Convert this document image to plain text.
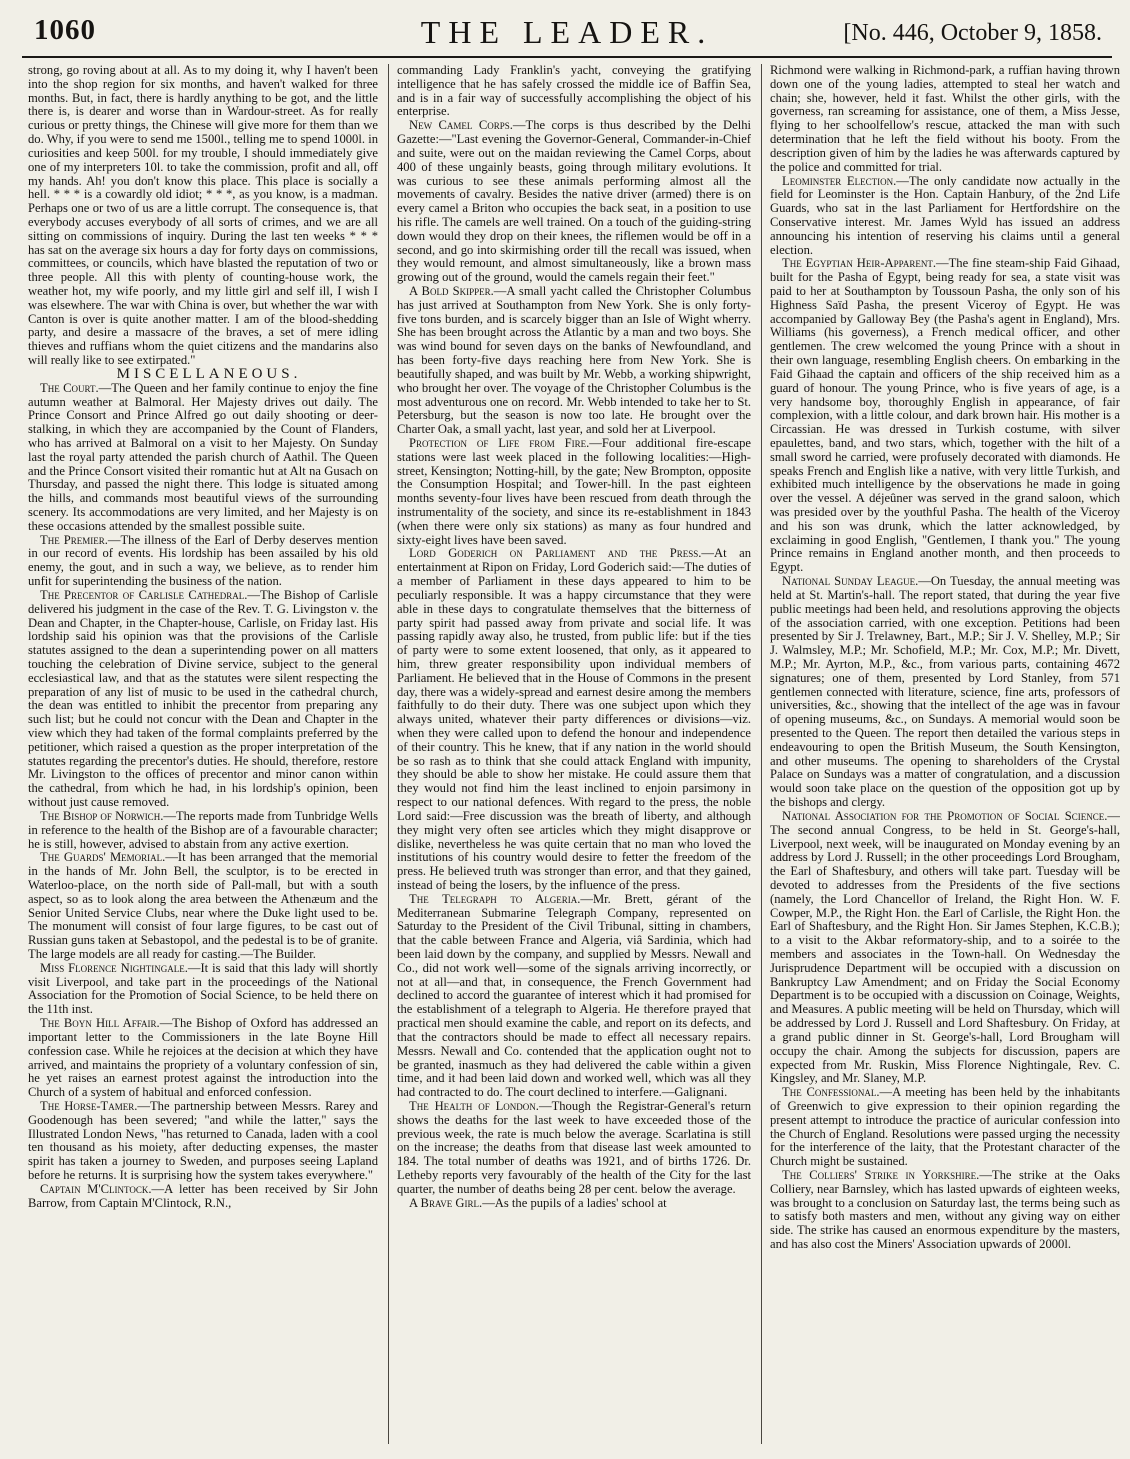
1060	THE LEADER.	[No. 446, October 9, 1858.

strong, go roving about at all. As to my doing it, why I haven't been into the shop region for six months, and haven't walked for three months. But, in fact, there is hardly anything to be got, and the little there is, is dearer and worse than in Wardour-street. As for really curious or pretty things, the Chinese will give more for them than we do. Why, if you were to send me 1500l., telling me to spend 1000l. in curiosities and keep 500l. for my trouble, I should immediately give one of my interpreters 10l. to take the commission, profit and all, off my hands. Ah! you don't know this place. This place is socially a hell. * * * is a cowardly old idiot; * * *, as you know, is a madman. Perhaps one or two of us are a little corrupt. The consequence is, that everybody accuses everybody of all sorts of crimes, and we are all sitting on commissions of inquiry. During the last ten weeks * * * has sat on the average six hours a day for forty days on commissions, committees, or councils, which have blasted the reputation of two or three people. All this with plenty of counting-house work, the weather hot, my wife poorly, and my little girl and self ill, I wish I was elsewhere. The war with China is over, but whether the war with Canton is over is quite another matter. I am of the blood-shedding party, and desire a massacre of the braves, a set of mere idling thieves and ruffians whom the quiet citizens and the mandarins also will really like to see extirpated."

MISCELLANEOUS.

The Court.—The Queen and her family continue to enjoy the fine autumn weather at Balmoral. Her Majesty drives out daily. The Prince Consort and Prince Alfred go out daily shooting or deer-stalking, in which they are accompanied by the Count of Flanders, who has arrived at Balmoral on a visit to her Majesty. On Sunday last the royal party attended the parish church of Aathil. The Queen and the Prince Consort visited their romantic hut at Alt na Gusach on Thursday, and passed the night there. This lodge is situated among the hills, and commands most beautiful views of the surrounding scenery. Its accommodations are very limited, and her Majesty is on these occasions attended by the smallest possible suite.

The Premier.—The illness of the Earl of Derby deserves mention in our record of events. His lordship has been assailed by his old enemy, the gout, and in such a way, we believe, as to render him unfit for superintending the business of the nation.

The Precentor of Carlisle Cathedral.—The Bishop of Carlisle delivered his judgment in the case of the Rev. T. G. Livingston v. the Dean and Chapter, in the Chapter-house, Carlisle, on Friday last. His lordship said his opinion was that the provisions of the Carlisle statutes assigned to the dean a superintending power on all matters touching the celebration of Divine service, subject to the general ecclesiastical law, and that as the statutes were silent respecting the preparation of any list of music to be used in the cathedral church, the dean was entitled to inhibit the precentor from preparing any such list; but he could not concur with the Dean and Chapter in the view which they had taken of the formal complaints preferred by the petitioner, which raised a question as the proper interpretation of the statutes regarding the precentor's duties. He should, therefore, restore Mr. Livingston to the offices of precentor and minor canon within the cathedral, from which he had, in his lordship's opinion, been without just cause removed.

The Bishop of Norwich.—The reports made from Tunbridge Wells in reference to the health of the Bishop are of a favourable character; he is still, however, advised to abstain from any active exertion.

The Guards' Memorial.—It has been arranged that the memorial in the hands of Mr. John Bell, the sculptor, is to be erected in Waterloo-place, on the north side of Pall-mall, but with a south aspect, so as to look along the area between the Athenæum and the Senior United Service Clubs, near where the Duke light used to be. The monument will consist of four large figures, to be cast out of Russian guns taken at Sebastopol, and the pedestal is to be of granite. The large models are all ready for casting.—The Builder.

Miss Florence Nightingale.—It is said that this lady will shortly visit Liverpool, and take part in the proceedings of the National Association for the Promotion of Social Science, to be held there on the 11th inst.

The Boyn Hill Affair.—The Bishop of Oxford has addressed an important letter to the Commissioners in the late Boyne Hill confession case. While he rejoices at the decision at which they have arrived, and maintains the propriety of a voluntary confession of sin, he yet raises an earnest protest against the introduction into the Church of a system of habitual and enforced confession.

The Horse-Tamer.—The partnership between Messrs. Rarey and Goodenough has been severed; "and while the latter," says the Illustrated London News, "has returned to Canada, laden with a cool ten thousand as his moiety, after deducting expenses, the master spirit has taken a journey to Sweden, and purposes seeing Lapland before he returns. It is surprising how the system takes everywhere."

Captain M'Clintock.—A letter has been received by Sir John Barrow, from Captain M'Clintock, R.N.,

commanding Lady Franklin's yacht, conveying the gratifying intelligence that he has safely crossed the middle ice of Baffin Sea, and is in a fair way of successfully accomplishing the object of his enterprise.

New Camel Corps.—The corps is thus described by the Delhi Gazette:—"Last evening the Governor-General, Commander-in-Chief and suite, were out on the maidan reviewing the Camel Corps, about 400 of these ungainly beasts, going through military evolutions. It was curious to see these animals performing almost all the movements of cavalry. Besides the native driver (armed) there is on every camel a Briton who occupies the back seat, in a position to use his rifle. The camels are well trained. On a touch of the guiding-string down would they drop on their knees, the riflemen would be off in a second, and go into skirmishing order till the recall was issued, when they would remount, and almost simultaneously, like a brown mass growing out of the ground, would the camels regain their feet."

A Bold Skipper.—A small yacht called the Christopher Columbus has just arrived at Southampton from New York. She is only forty-five tons burden, and is scarcely bigger than an Isle of Wight wherry. She has been brought across the Atlantic by a man and two boys. She was wind bound for seven days on the banks of Newfoundland, and has been forty-five days reaching here from New York. She is beautifully shaped, and was built by Mr. Webb, a working shipwright, who brought her over. The voyage of the Christopher Columbus is the most adventurous one on record. Mr. Webb intended to take her to St. Petersburg, but the season is now too late. He brought over the Charter Oak, a small yacht, last year, and sold her at Liverpool.

Protection of Life from Fire.—Four additional fire-escape stations were last week placed in the following localities:—High-street, Kensington; Notting-hill, by the gate; New Brompton, opposite the Consumption Hospital; and Tower-hill. In the past eighteen months seventy-four lives have been rescued from death through the instrumentality of the society, and since its re-establishment in 1843 (when there were only six stations) as many as four hundred and sixty-eight lives have been saved.

Lord Goderich on Parliament and the Press.—At an entertainment at Ripon on Friday, Lord Goderich said:—The duties of a member of Parliament in these days appeared to him to be peculiarly responsible. It was a happy circumstance that they were able in these days to congratulate themselves that the bitterness of party spirit had passed away from private and social life. It was passing rapidly away also, he trusted, from public life: but if the ties of party were to some extent loosened, that only, as it appeared to him, threw greater responsibility upon individual members of Parliament. He believed that in the House of Commons in the present day, there was a widely-spread and earnest desire among the members faithfully to do their duty. There was one subject upon which they always united, whatever their party differences or divisions—viz. when they were called upon to defend the honour and independence of their country. This he knew, that if any nation in the world should be so rash as to think that she could attack England with impunity, they should be able to show her mistake. He could assure them that they would not find him the least inclined to enjoin parsimony in respect to our national defences. With regard to the press, the noble Lord said:—Free discussion was the breath of liberty, and although they might very often see articles which they might disapprove or dislike, nevertheless he was quite certain that no man who loved the institutions of his country would desire to fetter the freedom of the press. He believed truth was stronger than error, and that they gained, instead of being the losers, by the influence of the press.

The Telegraph to Algeria.—Mr. Brett, gérant of the Mediterranean Submarine Telegraph Company, represented on Saturday to the President of the Civil Tribunal, sitting in chambers, that the cable between France and Algeria, viâ Sardinia, which had been laid down by the company, and supplied by Messrs. Newall and Co., did not work well—some of the signals arriving incorrectly, or not at all—and that, in consequence, the French Government had declined to accord the guarantee of interest which it had promised for the establishment of a telegraph to Algeria. He therefore prayed that practical men should examine the cable, and report on its defects, and that the contractors should be made to effect all necessary repairs. Messrs. Newall and Co. contended that the application ought not to be granted, inasmuch as they had delivered the cable within a given time, and it had been laid down and worked well, which was all they had contracted to do. The court declined to interfere.—Galignani.

The Health of London.—Though the Registrar-General's return shows the deaths for the last week to have exceeded those of the previous week, the rate is much below the average. Scarlatina is still on the increase; the deaths from that disease last week amounted to 184. The total number of deaths was 1921, and of births 1726. Dr. Letheby reports very favourably of the health of the City for the last quarter, the number of deaths being 28 per cent. below the average.

A Brave Girl.—As the pupils of a ladies' school at

Richmond were walking in Richmond-park, a ruffian having thrown down one of the young ladies, attempted to steal her watch and chain; she, however, held it fast. Whilst the other girls, with the governess, ran screaming for assistance, one of them, a Miss Jesse, flying to her schoolfellow's rescue, attacked the man with such determination that he left the field without his booty. From the description given of him by the ladies he was afterwards captured by the police and committed for trial.

Leominster Election.—The only candidate now actually in the field for Leominster is the Hon. Captain Hanbury, of the 2nd Life Guards, who sat in the last Parliament for Hertfordshire on the Conservative interest. Mr. James Wyld has issued an address announcing his intention of reserving his claims until a general election.

The Egyptian Heir-Apparent.—The fine steam-ship Faid Gihaad, built for the Pasha of Egypt, being ready for sea, a state visit was paid to her at Southampton by Toussoun Pasha, the only son of his Highness Saïd Pasha, the present Viceroy of Egypt. He was accompanied by Galloway Bey (the Pasha's agent in England), Mrs. Williams (his governess), a French medical officer, and other gentlemen. The crew welcomed the young Prince with a shout in their own language, resembling English cheers. On embarking in the Faid Gihaad the captain and officers of the ship received him as a guard of honour. The young Prince, who is five years of age, is a very handsome boy, thoroughly English in appearance, of fair complexion, with a little colour, and dark brown hair. His mother is a Circassian. He was dressed in Turkish costume, with silver epaulettes, band, and two stars, which, together with the hilt of a small sword he carried, were profusely decorated with diamonds. He speaks French and English like a native, with very little Turkish, and exhibited much intelligence by the observations he made in going over the vessel. A déjeûner was served in the grand saloon, which was presided over by the youthful Pasha. The health of the Viceroy and his son was drunk, which the latter acknowledged, by exclaiming in good English, "Gentlemen, I thank you." The young Prince remains in England another month, and then proceeds to Egypt.

National Sunday League.—On Tuesday, the annual meeting was held at St. Martin's-hall. The report stated, that during the year five public meetings had been held, and resolutions approving the objects of the association carried, with one exception. Petitions had been presented by Sir J. Trelawney, Bart., M.P.; Sir J. V. Shelley, M.P.; Sir J. Walmsley, M.P.; Mr. Schofield, M.P.; Mr. Cox, M.P.; Mr. Divett, M.P.; Mr. Ayrton, M.P., &c., from various parts, containing 4672 signatures; one of them, presented by Lord Stanley, from 571 gentlemen connected with literature, science, fine arts, professors of universities, &c., showing that the intellect of the age was in favour of opening museums, &c., on Sundays. A memorial would soon be presented to the Queen. The report then detailed the various steps in endeavouring to open the British Museum, the South Kensington, and other museums. The opening to shareholders of the Crystal Palace on Sundays was a matter of congratulation, and a discussion would soon take place on the question of the opposition got up by the bishops and clergy.

National Association for the Promotion of Social Science.—The second annual Congress, to be held in St. George's-hall, Liverpool, next week, will be inaugurated on Monday evening by an address by Lord J. Russell; in the other proceedings Lord Brougham, the Earl of Shaftesbury, and others will take part. Tuesday will be devoted to addresses from the Presidents of the five sections (namely, the Lord Chancellor of Ireland, the Right Hon. W. F. Cowper, M.P., the Right Hon. the Earl of Carlisle, the Right Hon. the Earl of Shaftesbury, and the Right Hon. Sir James Stephen, K.C.B.); to a visit to the Akbar reformatory-ship, and to a soirée to the members and associates in the Town-hall. On Wednesday the Jurisprudence Department will be occupied with a discussion on Bankruptcy Law Amendment; and on Friday the Social Economy Department is to be occupied with a discussion on Coinage, Weights, and Measures. A public meeting will be held on Thursday, which will be addressed by Lord J. Russell and Lord Shaftesbury. On Friday, at a grand public dinner in St. George's-hall, Lord Brougham will occupy the chair. Among the subjects for discussion, papers are expected from Mr. Ruskin, Miss Florence Nightingale, Rev. C. Kingsley, and Mr. Slaney, M.P.

The Confessional.—A meeting has been held by the inhabitants of Greenwich to give expression to their opinion regarding the present attempt to introduce the practice of auricular confession into the Church of England. Resolutions were passed urging the necessity for the interference of the laity, that the Protestant character of the Church might be sustained.

The Colliers' Strike in Yorkshire.—The strike at the Oaks Colliery, near Barnsley, which has lasted upwards of eighteen weeks, was brought to a conclusion on Saturday last, the terms being such as to satisfy both masters and men, without any giving way on either side. The strike has caused an enormous expenditure by the masters, and has also cost the Miners' Association upwards of 2000l.
